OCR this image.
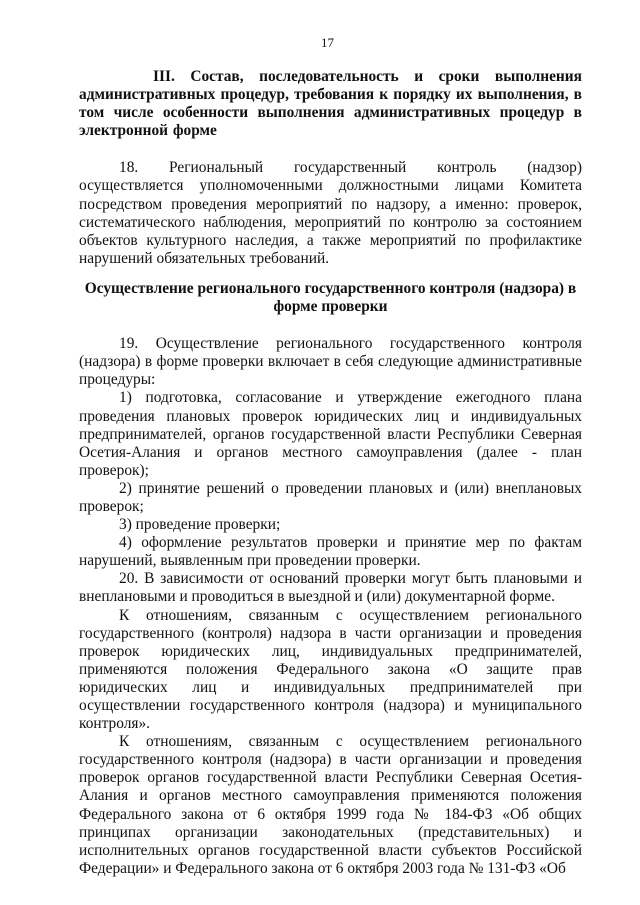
17

III. Состав, последовательность и сроки выполнения административных процедур, требования к порядку их выполнения, в том числе особенности выполнения административных процедур в электронной форме

18. Региональный государственный контроль (надзор) осуществляется уполномоченными должностными лицами Комитета посредством проведения мероприятий по надзору, а именно: проверок, систематического наблюдения, мероприятий по контролю за состоянием объектов культурного наследия, а также мероприятий по профилактике нарушений обязательных требований.

Осуществление регионального государственного контроля (надзора) в форме проверки

19. Осуществление регионального государственного контроля (надзора) в форме проверки включает в себя следующие административные процедуры:

1) подготовка, согласование и утверждение ежегодного плана проведения плановых проверок юридических лиц и индивидуальных предпринимателей, органов государственной власти Республики Северная Осетия-Алания и органов местного самоуправления (далее - план проверок);

2) принятие решений о проведении плановых и (или) внеплановых проверок;

3) проведение проверки;

4) оформление результатов проверки и принятие мер по фактам нарушений, выявленным при проведении проверки.

20. В зависимости от оснований проверки могут быть плановыми и внеплановыми и проводиться в выездной и (или) документарной форме.

К отношениям, связанным с осуществлением регионального государственного (контроля) надзора в части организации и проведения проверок юридических лиц, индивидуальных предпринимателей, применяются положения Федерального закона «О защите прав юридических лиц и индивидуальных предпринимателей при осуществлении государственного контроля (надзора) и муниципального контроля».

К отношениям, связанным с осуществлением регионального государственного контроля (надзора) в части организации и проведения проверок органов государственной власти Республики Северная Осетия-Алания и органов местного самоуправления применяются положения Федерального закона от 6 октября 1999 года № 184-ФЗ «Об общих принципах организации законодательных (представительных) и исполнительных органов государственной власти субъектов Российской Федерации» и Федерального закона от 6 октября 2003 года № 131-ФЗ «Об
